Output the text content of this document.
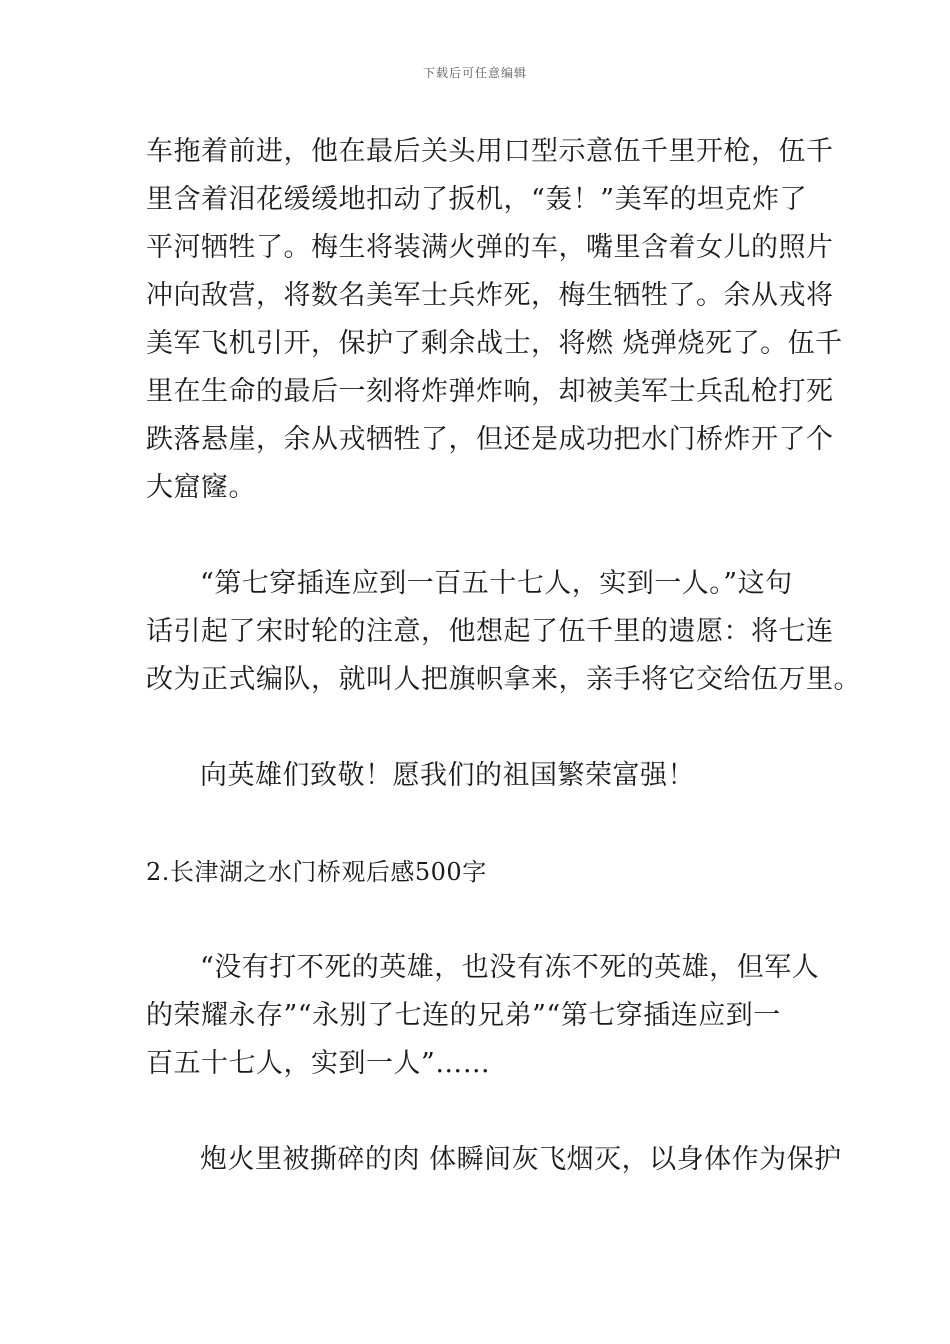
下载后可任意编辑
车拖着前进，他在最后关头用口型示意伍千里开枪，伍千
里含着泪花缓缓地扣动了扳机，“轰！”美军的坦克炸了
平河牺牲了。梅生将装满火弹的车，嘴里含着女儿的照片
冲向敌营，将数名美军士兵炸死，梅生牺牲了。余从戎将
美军飞机引开，保护了剩余战士，将燃 烧弹烧死了。伍千
里在生命的最后一刻将炸弹炸响，却被美军士兵乱枪打死
跌落悬崖，余从戎牺牲了，但还是成功把水门桥炸开了个
大窟窿。
“第七穿插连应到一百五十七人，实到一人。”这句
话引起了宋时轮的注意，他想起了伍千里的遗愿：将七连
改为正式编队，就叫人把旗帜拿来，亲手将它交给伍万里。
向英雄们致敬！愿我们的祖国繁荣富强！
2.长津湖之水门桥观后感500字
“没有打不死的英雄，也没有冻不死的英雄，但军人
的荣耀永存”“永别了七连的兄弟”“第七穿插连应到一
百五十七人，实到一人”……
炮火里被撕碎的肉 体瞬间灰飞烟灭，以身体作为保护
